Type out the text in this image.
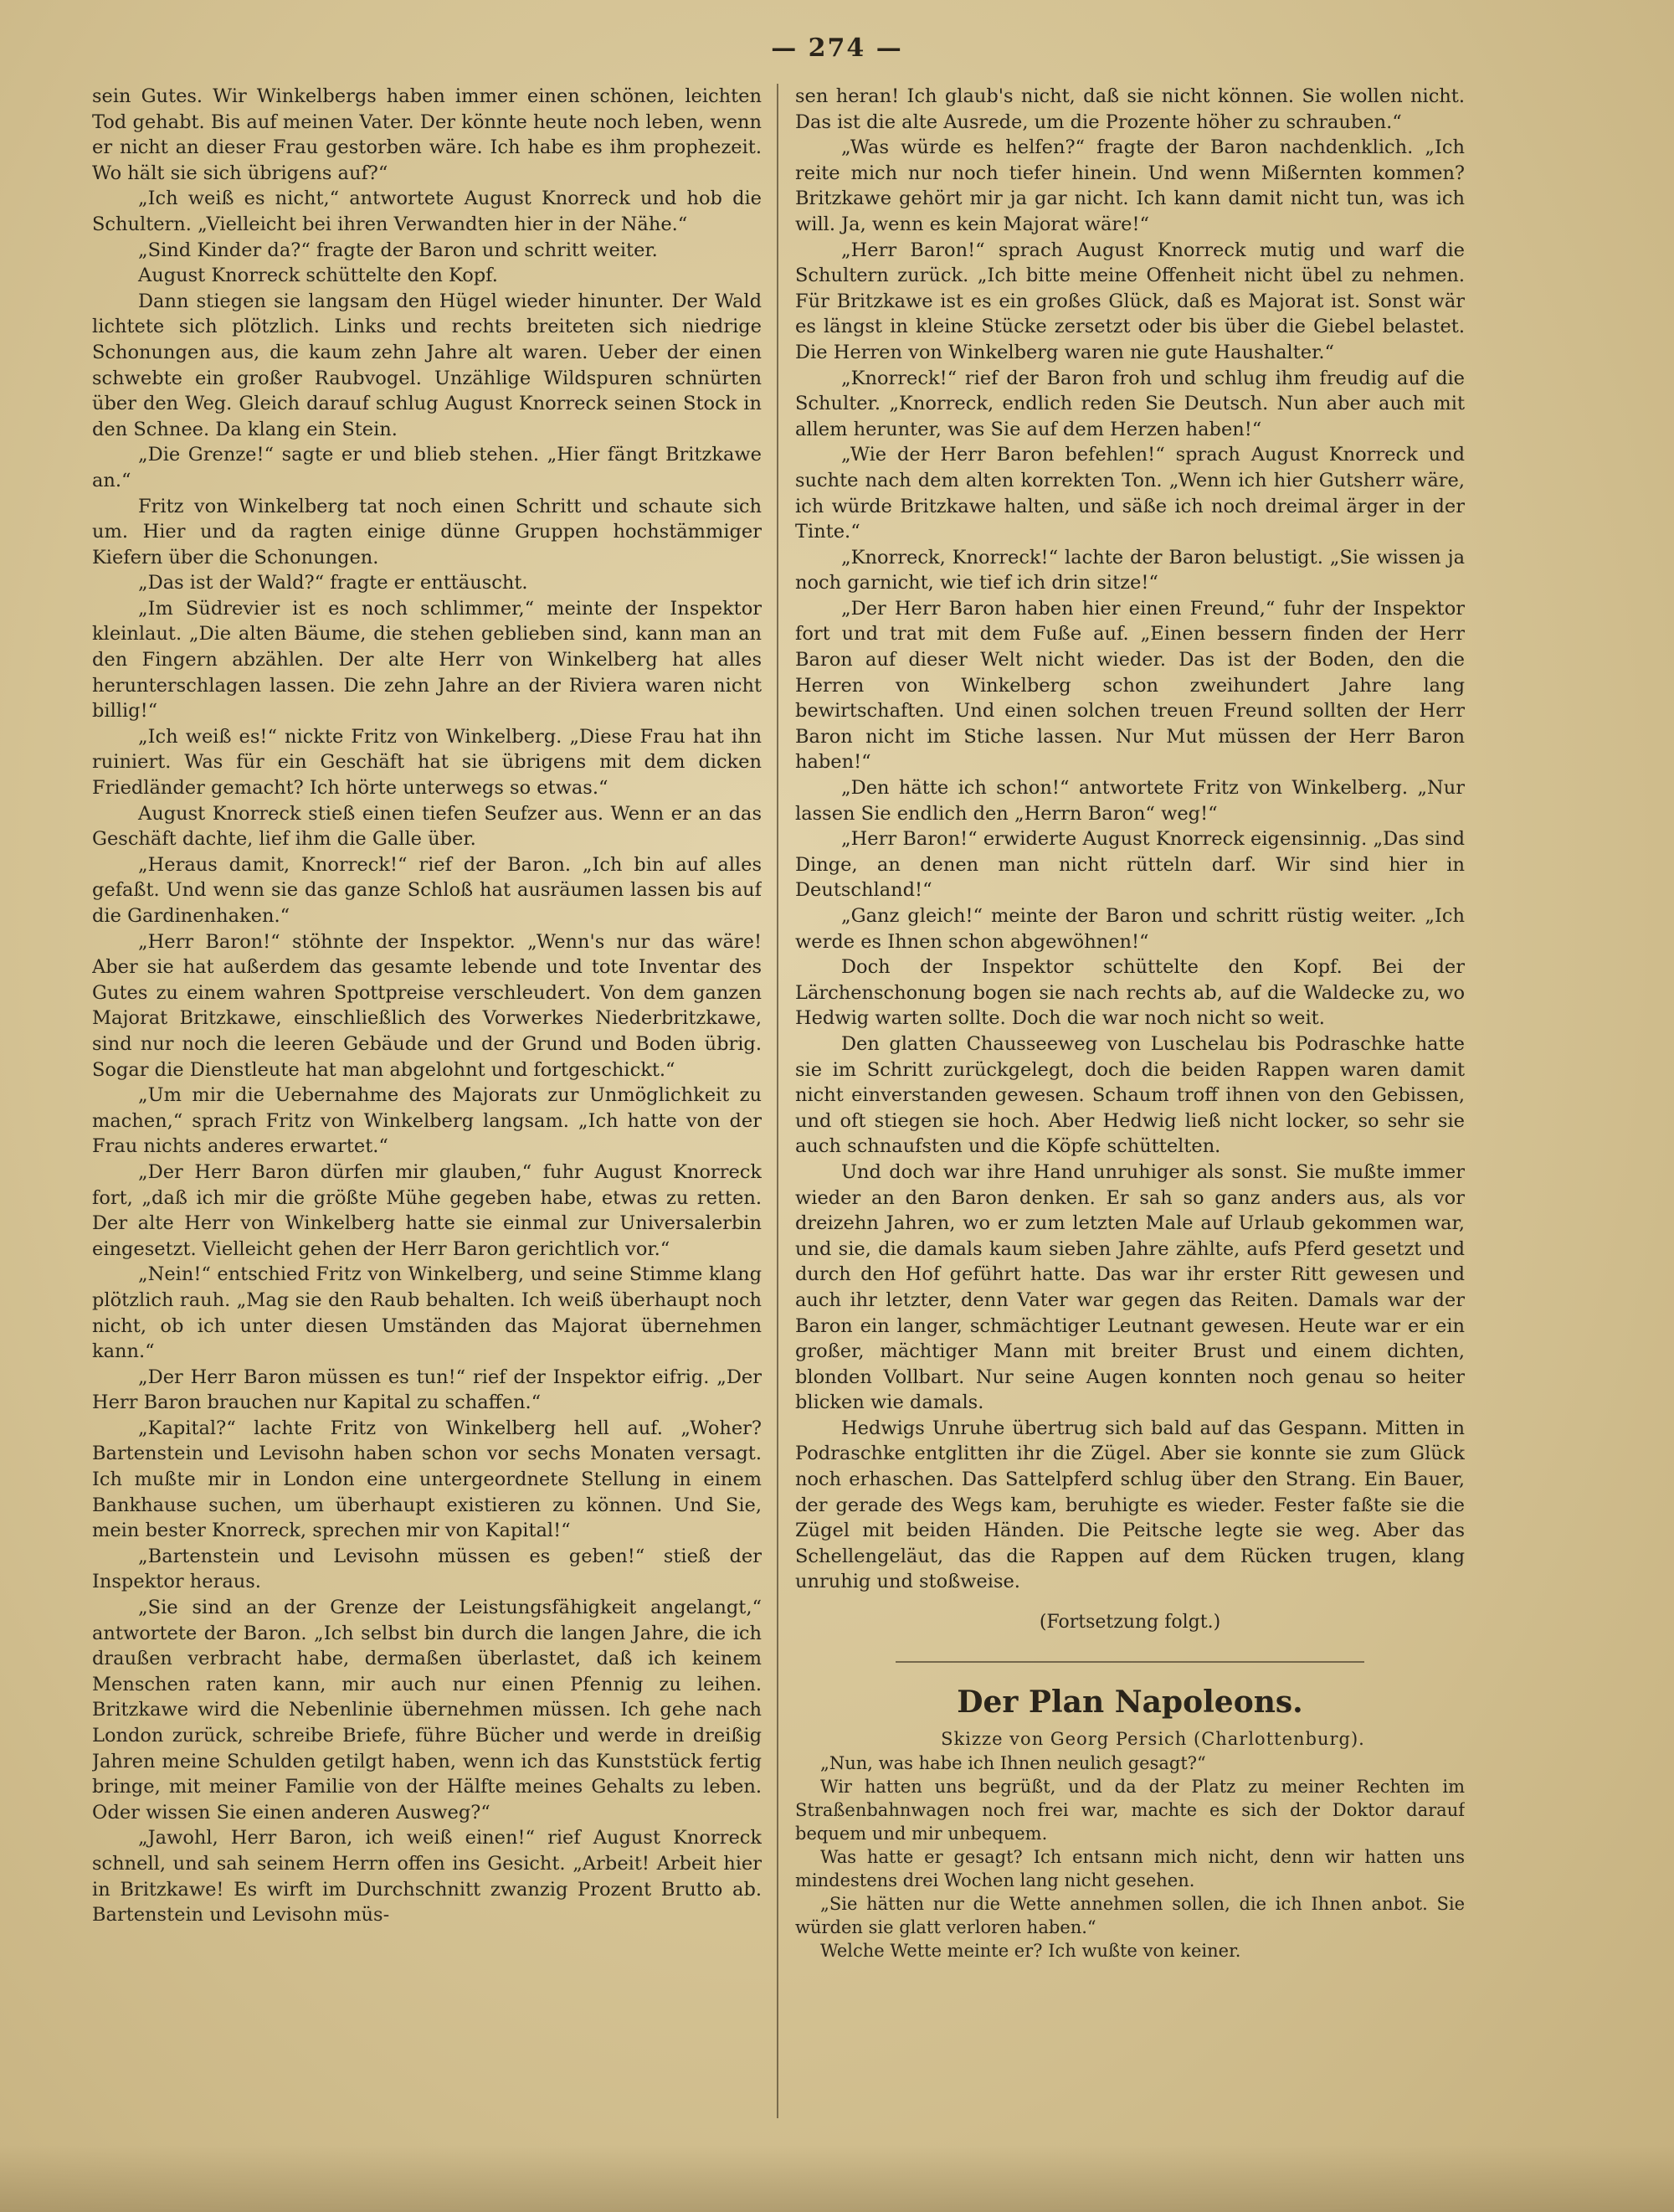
— 274 —

sein Gutes. Wir Winkelbergs haben immer einen schönen, leichten Tod gehabt. Bis auf meinen Vater. Der könnte heute noch leben, wenn er nicht an dieser Frau gestorben wäre. Ich habe es ihm prophezeit. Wo hält sie sich übrigens auf?“

„Ich weiß es nicht,“ antwortete August Knorreck und hob die Schultern. „Vielleicht bei ihren Verwandten hier in der Nähe.“

„Sind Kinder da?“ fragte der Baron und schritt weiter.

August Knorreck schüttelte den Kopf.

Dann stiegen sie langsam den Hügel wieder hinunter. Der Wald lichtete sich plötzlich. Links und rechts breiteten sich niedrige Schonungen aus, die kaum zehn Jahre alt waren. Ueber der einen schwebte ein großer Raubvogel. Unzählige Wildspuren schnürten über den Weg. Gleich darauf schlug August Knorreck seinen Stock in den Schnee. Da klang ein Stein.

„Die Grenze!“ sagte er und blieb stehen. „Hier fängt Britzkawe an.“

Fritz von Winkelberg tat noch einen Schritt und schaute sich um. Hier und da ragten einige dünne Gruppen hochstämmiger Kiefern über die Schonungen.

„Das ist der Wald?“ fragte er enttäuscht.

„Im Südrevier ist es noch schlimmer,“ meinte der Inspektor kleinlaut. „Die alten Bäume, die stehen geblieben sind, kann man an den Fingern abzählen. Der alte Herr von Winkelberg hat alles herunterschlagen lassen. Die zehn Jahre an der Riviera waren nicht billig!“

„Ich weiß es!“ nickte Fritz von Winkelberg. „Diese Frau hat ihn ruiniert. Was für ein Geschäft hat sie übrigens mit dem dicken Friedländer gemacht? Ich hörte unterwegs so etwas.“

August Knorreck stieß einen tiefen Seufzer aus. Wenn er an das Geschäft dachte, lief ihm die Galle über.

„Heraus damit, Knorreck!“ rief der Baron. „Ich bin auf alles gefaßt. Und wenn sie das ganze Schloß hat ausräumen lassen bis auf die Gardinenhaken.“

„Herr Baron!“ stöhnte der Inspektor. „Wenn's nur das wäre! Aber sie hat außerdem das gesamte lebende und tote Inventar des Gutes zu einem wahren Spottpreise verschleudert. Von dem ganzen Majorat Britzkawe, einschließlich des Vorwerkes Niederbritzkawe, sind nur noch die leeren Gebäude und der Grund und Boden übrig. Sogar die Dienstleute hat man abgelohnt und fortgeschickt.“

„Um mir die Uebernahme des Majorats zur Unmöglichkeit zu machen,“ sprach Fritz von Winkelberg langsam. „Ich hatte von der Frau nichts anderes erwartet.“

„Der Herr Baron dürfen mir glauben,“ fuhr August Knorreck fort, „daß ich mir die größte Mühe gegeben habe, etwas zu retten. Der alte Herr von Winkelberg hatte sie einmal zur Universalerbin eingesetzt. Vielleicht gehen der Herr Baron gerichtlich vor.“

„Nein!“ entschied Fritz von Winkelberg, und seine Stimme klang plötzlich rauh. „Mag sie den Raub behalten. Ich weiß überhaupt noch nicht, ob ich unter diesen Umständen das Majorat übernehmen kann.“

„Der Herr Baron müssen es tun!“ rief der Inspektor eifrig. „Der Herr Baron brauchen nur Kapital zu schaffen.“

„Kapital?“ lachte Fritz von Winkelberg hell auf. „Woher? Bartenstein und Levisohn haben schon vor sechs Monaten versagt. Ich mußte mir in London eine untergeordnete Stellung in einem Bankhause suchen, um überhaupt existieren zu können. Und Sie, mein bester Knorreck, sprechen mir von Kapital!“

„Bartenstein und Levisohn müssen es geben!“ stieß der Inspektor heraus.

„Sie sind an der Grenze der Leistungsfähigkeit angelangt,“ antwortete der Baron. „Ich selbst bin durch die langen Jahre, die ich draußen verbracht habe, dermaßen überlastet, daß ich keinem Menschen raten kann, mir auch nur einen Pfennig zu leihen. Britzkawe wird die Nebenlinie übernehmen müssen. Ich gehe nach London zurück, schreibe Briefe, führe Bücher und werde in dreißig Jahren meine Schulden getilgt haben, wenn ich das Kunststück fertig bringe, mit meiner Familie von der Hälfte meines Gehalts zu leben. Oder wissen Sie einen anderen Ausweg?“

„Jawohl, Herr Baron, ich weiß einen!“ rief August Knorreck schnell, und sah seinem Herrn offen ins Gesicht. „Arbeit! Arbeit hier in Britzkawe! Es wirft im Durchschnitt zwanzig Prozent Brutto ab. Bartenstein und Levisohn müs-

sen heran! Ich glaub's nicht, daß sie nicht können. Sie wollen nicht. Das ist die alte Ausrede, um die Prozente höher zu schrauben.“

„Was würde es helfen?“ fragte der Baron nachdenklich. „Ich reite mich nur noch tiefer hinein. Und wenn Mißernten kommen? Britzkawe gehört mir ja gar nicht. Ich kann damit nicht tun, was ich will. Ja, wenn es kein Majorat wäre!“

„Herr Baron!“ sprach August Knorreck mutig und warf die Schultern zurück. „Ich bitte meine Offenheit nicht übel zu nehmen. Für Britzkawe ist es ein großes Glück, daß es Majorat ist. Sonst wär es längst in kleine Stücke zersetzt oder bis über die Giebel belastet. Die Herren von Winkelberg waren nie gute Haushalter.“

„Knorreck!“ rief der Baron froh und schlug ihm freudig auf die Schulter. „Knorreck, endlich reden Sie Deutsch. Nun aber auch mit allem herunter, was Sie auf dem Herzen haben!“

„Wie der Herr Baron befehlen!“ sprach August Knorreck und suchte nach dem alten korrekten Ton. „Wenn ich hier Gutsherr wäre, ich würde Britzkawe halten, und säße ich noch dreimal ärger in der Tinte.“

„Knorreck, Knorreck!“ lachte der Baron belustigt. „Sie wissen ja noch garnicht, wie tief ich drin sitze!“

„Der Herr Baron haben hier einen Freund,“ fuhr der Inspektor fort und trat mit dem Fuße auf. „Einen bessern finden der Herr Baron auf dieser Welt nicht wieder. Das ist der Boden, den die Herren von Winkelberg schon zweihundert Jahre lang bewirtschaften. Und einen solchen treuen Freund sollten der Herr Baron nicht im Stiche lassen. Nur Mut müssen der Herr Baron haben!“

„Den hätte ich schon!“ antwortete Fritz von Winkelberg. „Nur lassen Sie endlich den „Herrn Baron“ weg!“

„Herr Baron!“ erwiderte August Knorreck eigensinnig. „Das sind Dinge, an denen man nicht rütteln darf. Wir sind hier in Deutschland!“

„Ganz gleich!“ meinte der Baron und schritt rüstig weiter. „Ich werde es Ihnen schon abgewöhnen!“

Doch der Inspektor schüttelte den Kopf. Bei der Lärchenschonung bogen sie nach rechts ab, auf die Waldecke zu, wo Hedwig warten sollte. Doch die war noch nicht so weit.

Den glatten Chausseeweg von Luschelau bis Podraschke hatte sie im Schritt zurückgelegt, doch die beiden Rappen waren damit nicht einverstanden gewesen. Schaum troff ihnen von den Gebissen, und oft stiegen sie hoch. Aber Hedwig ließ nicht locker, so sehr sie auch schnaufsten und die Köpfe schüttelten.

Und doch war ihre Hand unruhiger als sonst. Sie mußte immer wieder an den Baron denken. Er sah so ganz anders aus, als vor dreizehn Jahren, wo er zum letzten Male auf Urlaub gekommen war, und sie, die damals kaum sieben Jahre zählte, aufs Pferd gesetzt und durch den Hof geführt hatte. Das war ihr erster Ritt gewesen und auch ihr letzter, denn Vater war gegen das Reiten. Damals war der Baron ein langer, schmächtiger Leutnant gewesen. Heute war er ein großer, mächtiger Mann mit breiter Brust und einem dichten, blonden Vollbart. Nur seine Augen konnten noch genau so heiter blicken wie damals.

Hedwigs Unruhe übertrug sich bald auf das Gespann. Mitten in Podraschke entglitten ihr die Zügel. Aber sie konnte sie zum Glück noch erhaschen. Das Sattelpferd schlug über den Strang. Ein Bauer, der gerade des Wegs kam, beruhigte es wieder. Fester faßte sie die Zügel mit beiden Händen. Die Peitsche legte sie weg. Aber das Schellengeläut, das die Rappen auf dem Rücken trugen, klang unruhig und stoßweise.

(Fortsetzung folgt.)

Der Plan Napoleons.

Skizze von Georg Persich (Charlottenburg).

„Nun, was habe ich Ihnen neulich gesagt?“

Wir hatten uns begrüßt, und da der Platz zu meiner Rechten im Straßenbahnwagen noch frei war, machte es sich der Doktor darauf bequem und mir unbequem.

Was hatte er gesagt? Ich entsann mich nicht, denn wir hatten uns mindestens drei Wochen lang nicht gesehen.

„Sie hätten nur die Wette annehmen sollen, die ich Ihnen anbot. Sie würden sie glatt verloren haben.“

Welche Wette meinte er? Ich wußte von keiner.
